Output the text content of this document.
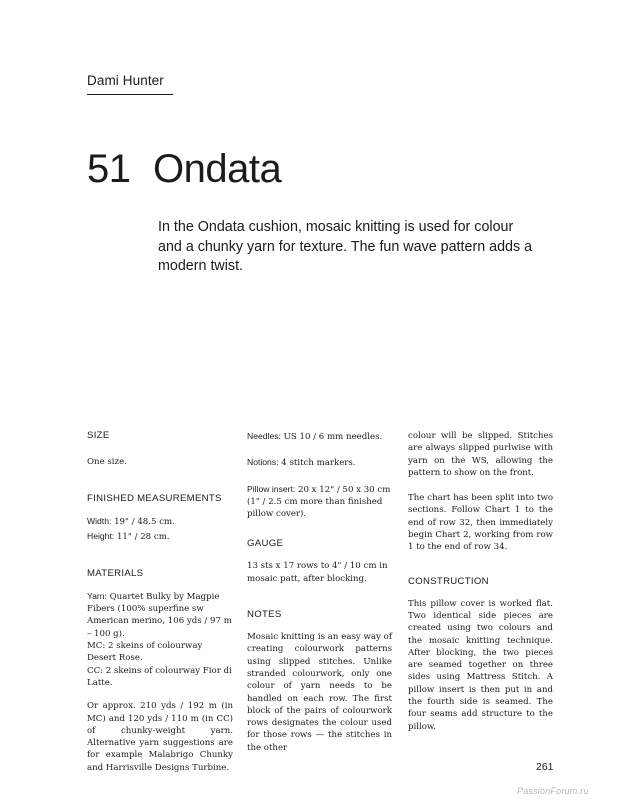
Dami Hunter
51 Ondata

In the Ondata cushion, mosaic knitting is used for colour and a chunky yarn for texture. The fun wave pattern adds a modern twist.

SIZE

One size.

FINISHED MEASUREMENTS

Width: 19" / 48.5 cm.

Height: 11" / 28 cm.

MATERIALS

Yarn: Quartet Bulky by Magpie Fibers (100% superfine sw American merino, 106 yds / 97 m – 100 g).

MC: 2 skeins of colourway Desert Rose.

CC: 2 skeins of colourway Fior di Latte.

Or approx. 210 yds / 192 m (in MC) and 120 yds / 110 m (in CC) of chunky-weight yarn. Alternative yarn suggestions are for example Malabrigo Chunky and Harrisville Designs Turbine.

Needles: US 10 / 6 mm needles.

Notions: 4 stitch markers.

Pillow insert: 20 x 12" / 50 x 30 cm (1" / 2.5 cm more than finished pillow cover).

GAUGE

13 sts x 17 rows to 4" / 10 cm in mosaic patt, after blocking.

NOTES

Mosaic knitting is an easy way of creating colourwork patterns using slipped stitches. Unlike stranded colourwork, only one colour of yarn needs to be handled on each row. The first block of the pairs of colourwork rows designates the colour used for those rows — the stitches in the other

colour will be slipped. Stitches are always slipped purlwise with yarn on the WS, allowing the pattern to show on the front.

The chart has been split into two sections. Follow Chart 1 to the end of row 32, then immediately begin Chart 2, working from row 1 to the end of row 34.

CONSTRUCTION

This pillow cover is worked flat. Two identical side pieces are created using two colours and the mosaic knitting technique. After blocking, the two pieces are seamed together on three sides using Mattress Stitch. A pillow insert is then put in and the fourth side is seamed. The four seams add structure to the pillow.

261
PassionForum.ru
